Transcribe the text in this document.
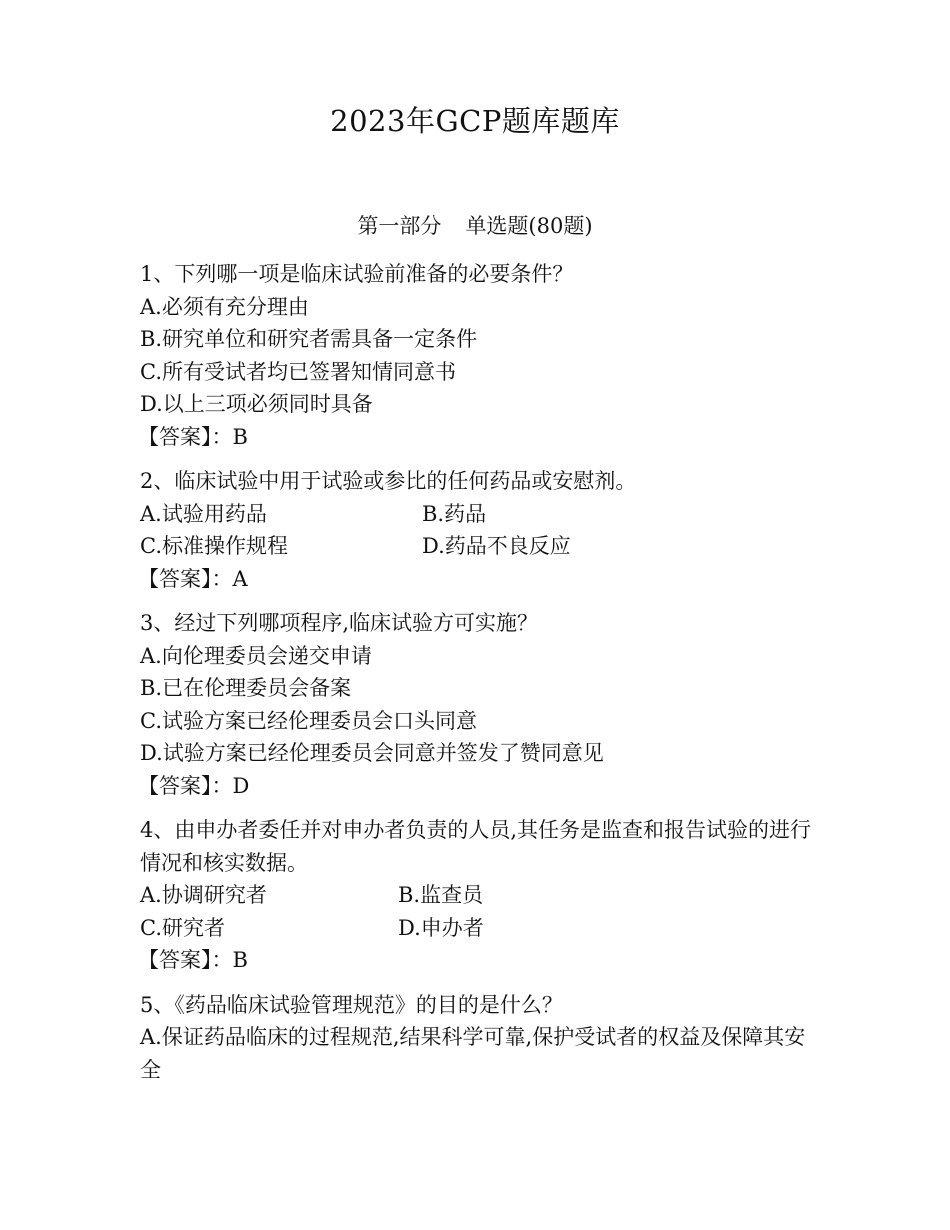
2023年GCP题库题库
第一部分 单选题(80题)
1、下列哪一项是临床试验前准备的必要条件？
A.必须有充分理由
B.研究单位和研究者需具备一定条件
C.所有受试者均已签署知情同意书
D.以上三项必须同时具备
【答案】：B
2、临床试验中用于试验或参比的任何药品或安慰剂。
A.试验用药品	B.药品
C.标准操作规程	D.药品不良反应
【答案】：A
3、经过下列哪项程序,临床试验方可实施？
A.向伦理委员会递交申请
B.已在伦理委员会备案
C.试验方案已经伦理委员会口头同意
D.试验方案已经伦理委员会同意并签发了赞同意见
【答案】：D
4、由申办者委任并对申办者负责的人员,其任务是监查和报告试验的进行情况和核实数据。
A.协调研究者	B.监查员
C.研究者	D.申办者
【答案】：B
5、《药品临床试验管理规范》的目的是什么？
A.保证药品临床的过程规范,结果科学可靠,保护受试者的权益及保障其安全
